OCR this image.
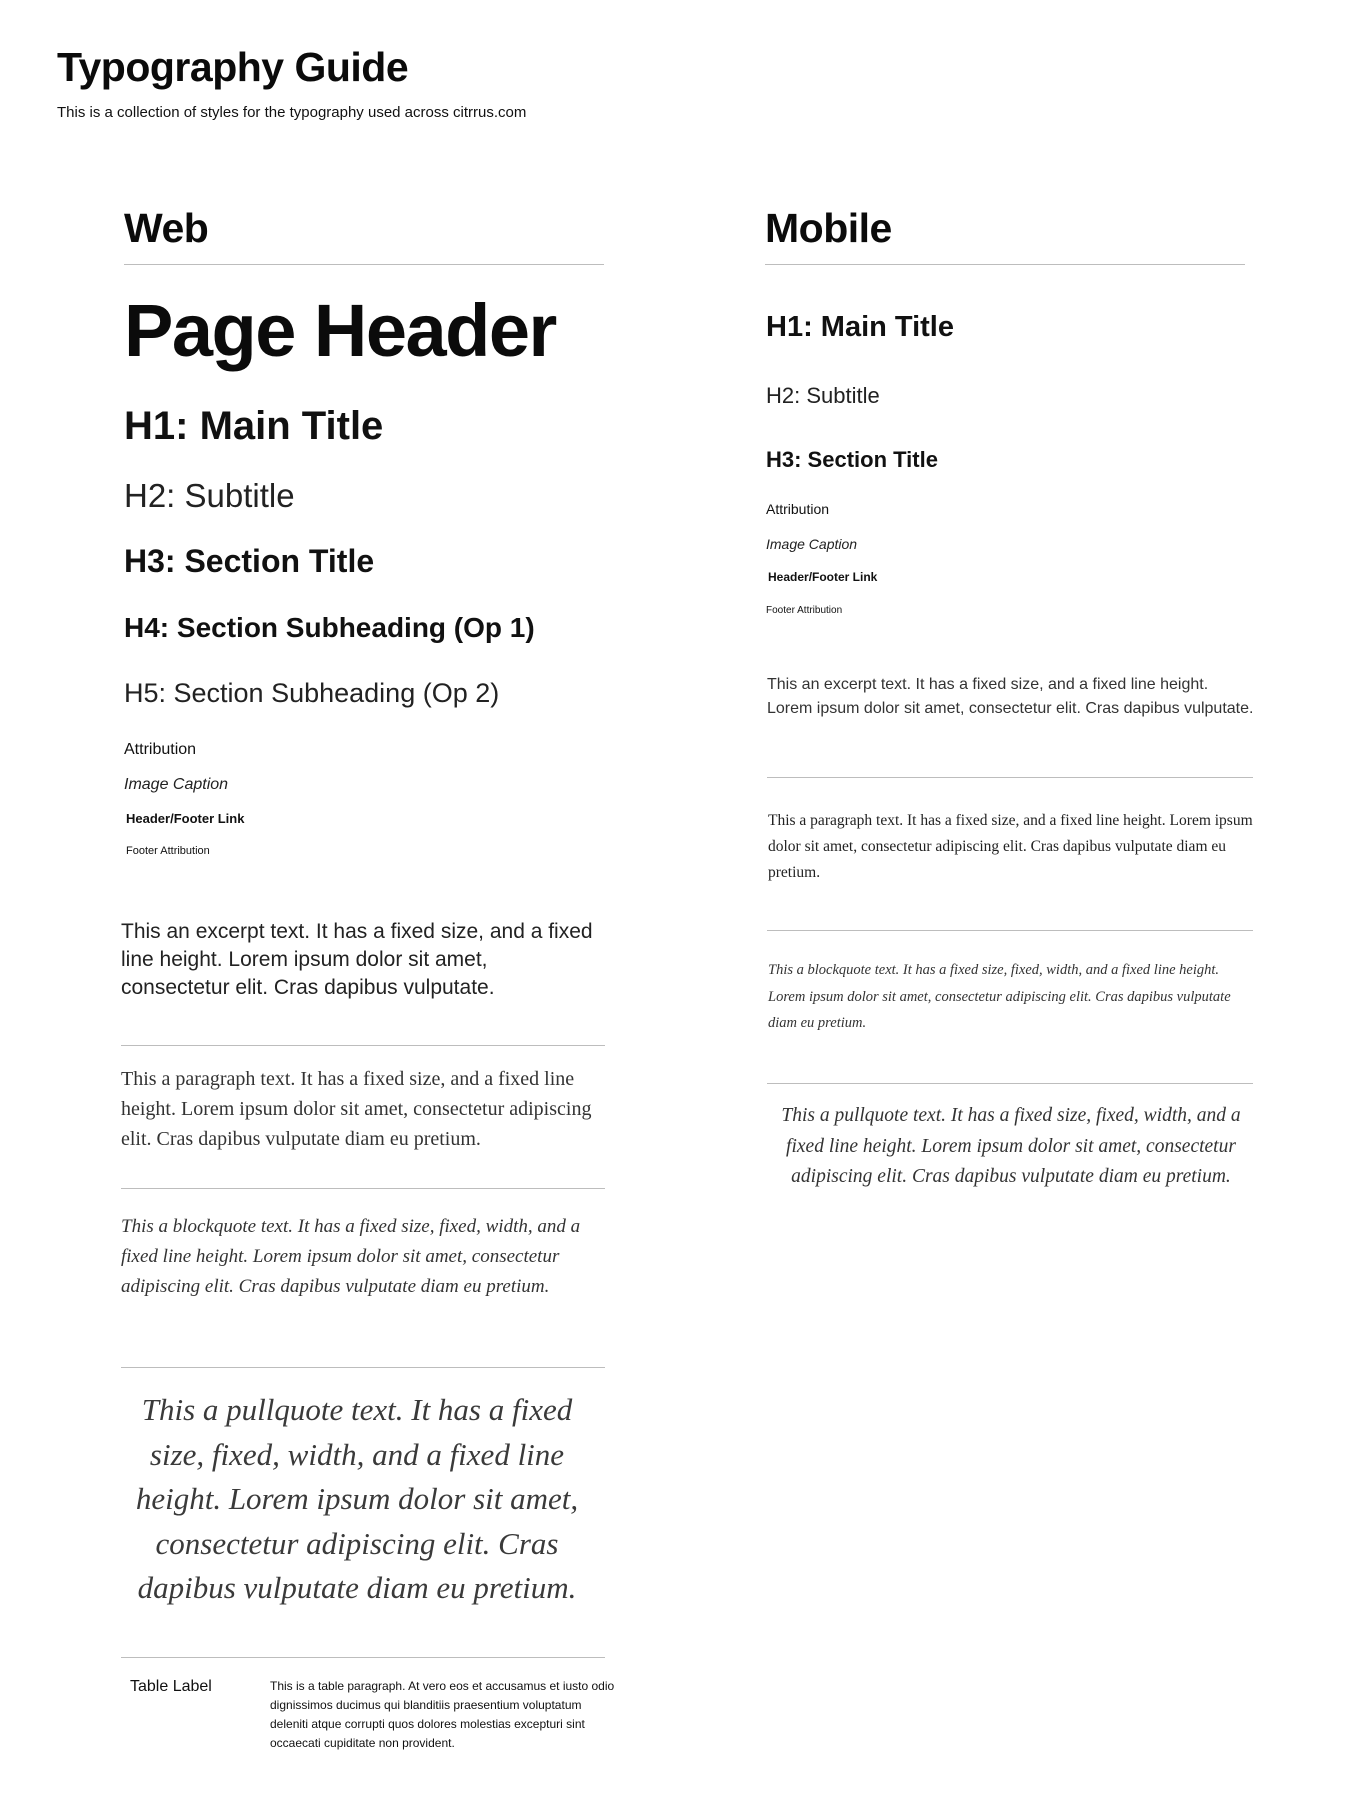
Typography Guide
This is a collection of styles for the typography used across citrrus.com
Web
Page Header
H1: Main Title
H2: Subtitle
H3: Section Title
H4: Section Subheading (Op 1)
H5: Section Subheading (Op 2)
Attribution
Image Caption
Header/Footer Link
Footer Attribution
This an excerpt text. It has a fixed size, and a fixed line height. Lorem ipsum dolor sit amet, consectetur elit. Cras dapibus vulputate.
This a paragraph text. It has a fixed size, and a fixed line height. Lorem ipsum dolor sit amet, consectetur adipiscing elit. Cras dapibus vulputate diam eu pretium.
This a blockquote text. It has a fixed size, fixed, width, and a fixed line height. Lorem ipsum dolor sit amet, consectetur adipiscing elit. Cras dapibus vulputate diam eu pretium.
This a pullquote text. It has a fixed size, fixed, width, and a fixed line height. Lorem ipsum dolor sit amet, consectetur adipiscing elit. Cras dapibus vulputate diam eu pretium.
Table Label	This is a table paragraph. At vero eos et accusamus et iusto odio dignissimos ducimus qui blanditiis praesentium voluptatum deleniti atque corrupti quos dolores molestias excepturi sint occaecati cupiditate non provident.
Mobile
H1: Main Title
H2: Subtitle
H3: Section Title
Attribution
Image Caption
Header/Footer Link
Footer Attribution
This an excerpt text. It has a fixed size, and a fixed line height. Lorem ipsum dolor sit amet, consectetur elit. Cras dapibus vulputate.
This a paragraph text. It has a fixed size, and a fixed line height. Lorem ipsum dolor sit amet, consectetur adipiscing elit. Cras dapibus vulputate diam eu pretium.
This a blockquote text. It has a fixed size, fixed, width, and a fixed line height. Lorem ipsum dolor sit amet, consectetur adipiscing elit. Cras dapibus vulputate diam eu pretium.
This a pullquote text. It has a fixed size, fixed, width, and a fixed line height. Lorem ipsum dolor sit amet, consectetur adipiscing elit. Cras dapibus vulputate diam eu pretium.
